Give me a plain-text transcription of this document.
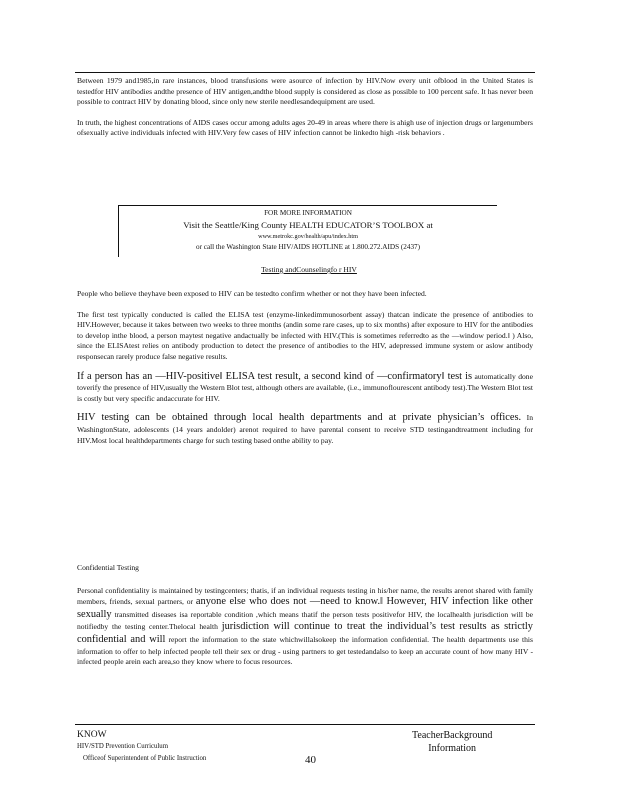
Between 1979 and1985,in rare instances, blood transfusions were asource of infection by HIV.Now every unit ofblood in the United States is testedfor HIV antibodies andthe presence of HIV antigen,andthe blood supply is considered as close as possible to 100 percent safe. It has never been possible to contract HIV by donating blood, since only new sterile needlesandequipment are used.

In truth, the highest concentrations of AIDS cases occur among adults ages 20-49 in areas where there is ahigh use of injection drugs or largenumbers ofsexually active individuals infected with HIV.Very few cases of HIV infection cannot be linkedto high -risk behaviors .

FOR MORE INFORMATION
Visit the Seattle/King County HEALTH EDUCATOR’S TOOLBOX at
www.metrokc.gov/health/apu/index.htm
or call the Washington State HIV/AIDS HOTLINE at 1.800.272.AIDS (2437)
Testing andCounselingfo r HIV

People who believe theyhave been exposed to HIV can be testedto confirm whether or not they have been infected.

The first test typically conducted is called the ELISA test (enzyme-linkedimmunosorbent assay) thatcan indicate the presence of antibodies to HIV.However, because it takes between two weeks to three months (andin some rare cases, up to six months) after exposure to HIV for the antibodies to develop inthe blood, a person maytest negative andactually be infected with HIV.(This is sometimes referredto as the ―window period.‖ ) Also, since the ELISAtest relies on antibody production to detect the presence of antibodies to the HIV, adepressed immune system or aslow antibody responsecan rarely produce false negative results.

If a person has an ―HIV-positive‖ ELISA test result, a second kind of ―confirmatory‖ test is automatically done toverify the presence of HIV,usually the Western Blot test, although others are available, (i.e., immunoflourescent antibody test).The Western Blot test is costly but very specific andaccurate for HIV.

HIV testing can be obtained through local health departments and at private physician’s offices. In WashingtonState, adolescents (14 years andolder) arenot required to have parental consent to receive STD testingandtreatment including for HIV.Most local healthdepartments charge for such testing based onthe ability to pay.

Confidential Testing

Personal confidentiality is maintained by testingcenters; thatis, if an individual requests testing in his/her name, the results arenot shared with family members, friends, sexual partners, or anyone else who does not ―need to know.‖ However, HIV infection like other sexually transmitted diseases isa reportable condition ,which means thatif the person tests positivefor HIV, the localhealth jurisdiction will be notifiedby the testing center.Thelocal health jurisdiction will continue to treat the individual’s test results as strictly confidential and will report the information to the state whichwillalsokeep the information confidential. The health departments use this information to offer to help infected people tell their sex or drug - using partners to get testedandalso to keep an accurate count of how many HIV -infected people arein each area,so they know where to focus resources.

KNOW
HIV/STD Prevention Curriculum
Officeof Superintendent of Public Instruction	40
TeacherBackground
Information
